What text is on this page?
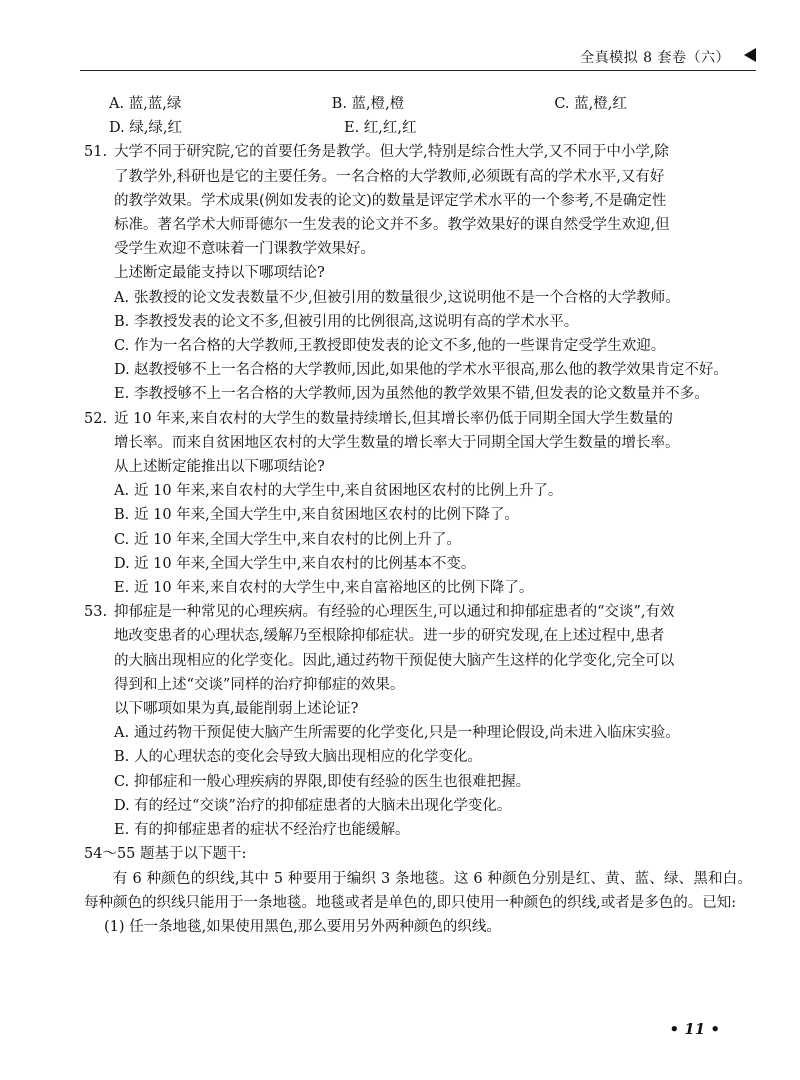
全真模拟 8 套卷（六）
A. 蓝,蓝,绿	B. 蓝,橙,橙	C. 蓝,橙,红
D. 绿,绿,红	E. 红,红,红
51. 大学不同于研究院,它的首要任务是教学。但大学,特别是综合性大学,又不同于中小学,除
了教学外,科研也是它的主要任务。一名合格的大学教师,必须既有高的学术水平,又有好
的教学效果。学术成果(例如发表的论文)的数量是评定学术水平的一个参考,不是确定性
标准。著名学术大师哥德尔一生发表的论文并不多。教学效果好的课自然受学生欢迎,但
受学生欢迎不意味着一门课教学效果好。
上述断定最能支持以下哪项结论?
A. 张教授的论文发表数量不少,但被引用的数量很少,这说明他不是一个合格的大学教师。
B. 李教授发表的论文不多,但被引用的比例很高,这说明有高的学术水平。
C. 作为一名合格的大学教师,王教授即使发表的论文不多,他的一些课肯定受学生欢迎。
D. 赵教授够不上一名合格的大学教师,因此,如果他的学术水平很高,那么他的教学效果肯定不好。
E. 李教授够不上一名合格的大学教师,因为虽然他的教学效果不错,但发表的论文数量并不多。
52. 近 10 年来,来自农村的大学生的数量持续增长,但其增长率仍低于同期全国大学生数量的
增长率。而来自贫困地区农村的大学生数量的增长率大于同期全国大学生数量的增长率。
从上述断定能推出以下哪项结论?
A. 近 10 年来,来自农村的大学生中,来自贫困地区农村的比例上升了。
B. 近 10 年来,全国大学生中,来自贫困地区农村的比例下降了。
C. 近 10 年来,全国大学生中,来自农村的比例上升了。
D. 近 10 年来,全国大学生中,来自农村的比例基本不变。
E. 近 10 年来,来自农村的大学生中,来自富裕地区的比例下降了。
53. 抑郁症是一种常见的心理疾病。有经验的心理医生,可以通过和抑郁症患者的“交谈”,有效
地改变患者的心理状态,缓解乃至根除抑郁症状。进一步的研究发现,在上述过程中,患者
的大脑出现相应的化学变化。因此,通过药物干预促使大脑产生这样的化学变化,完全可以
得到和上述“交谈”同样的治疗抑郁症的效果。
以下哪项如果为真,最能削弱上述论证?
A. 通过药物干预促使大脑产生所需要的化学变化,只是一种理论假设,尚未进入临床实验。
B. 人的心理状态的变化会导致大脑出现相应的化学变化。
C. 抑郁症和一般心理疾病的界限,即使有经验的医生也很难把握。
D. 有的经过“交谈”治疗的抑郁症患者的大脑未出现化学变化。
E. 有的抑郁症患者的症状不经治疗也能缓解。
54～55 题基于以下题干:
有 6 种颜色的织线,其中 5 种要用于编织 3 条地毯。这 6 种颜色分别是红、黄、蓝、绿、黑和白。每种颜色的织线只能用于一条地毯。地毯或者是单色的,即只使用一种颜色的织线,或者是多色的。已知:
(1) 任一条地毯,如果使用黑色,那么要用另外两种颜色的织线。
• 11 •
